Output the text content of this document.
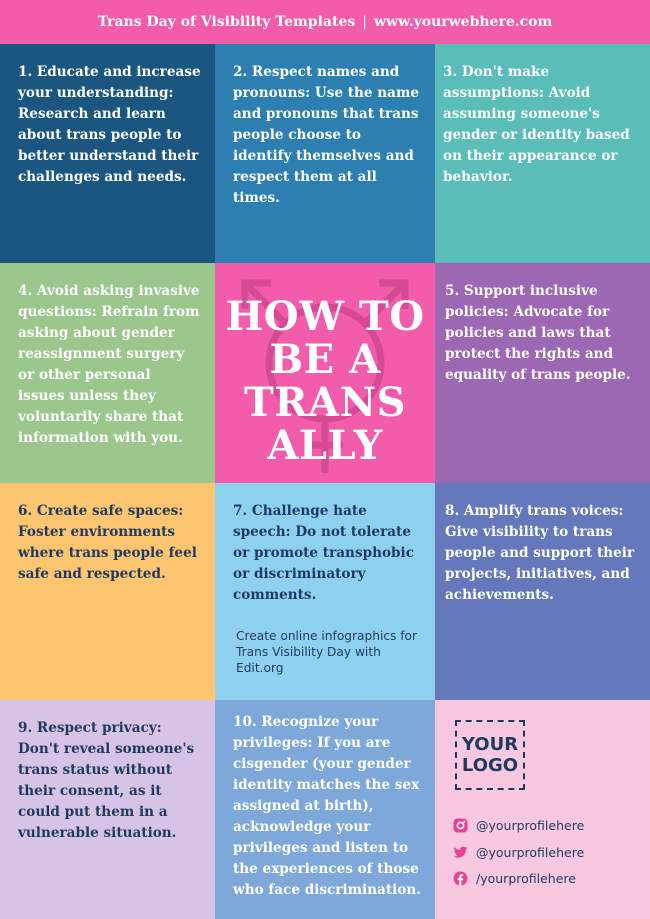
Trans Day of Visibility Templates | www.yourwebhere.com
1. Educate and increase your understanding: Research and learn about trans people to better understand their challenges and needs.
2. Respect names and pronouns: Use the name and pronouns that trans people choose to identify themselves and respect them at all times.
3. Don't make assumptions: Avoid assuming someone's gender or identity based on their appearance or behavior.
4. Avoid asking invasive questions: Refrain from asking about gender reassignment surgery or other personal issues unless they voluntarily share that information with you.
HOW TO BE A TRANS ALLY
5. Support inclusive policies: Advocate for policies and laws that protect the rights and equality of trans people.
6. Create safe spaces: Foster environments where trans people feel safe and respected.
7. Challenge hate speech: Do not tolerate or promote transphobic or discriminatory comments.
Create online infographics for Trans Visibility Day with Edit.org
8. Amplify trans voices: Give visibility to trans people and support their projects, initiatives, and achievements.
9. Respect privacy: Don't reveal someone's trans status without their consent, as it could put them in a vulnerable situation.
10. Recognize your privileges: If you are cisgender (your gender identity matches the sex assigned at birth), acknowledge your privileges and listen to the experiences of those who face discrimination.
YOUR
LOGO
@yourprofilehere
@yourprofilehere
/yourprofilehere
